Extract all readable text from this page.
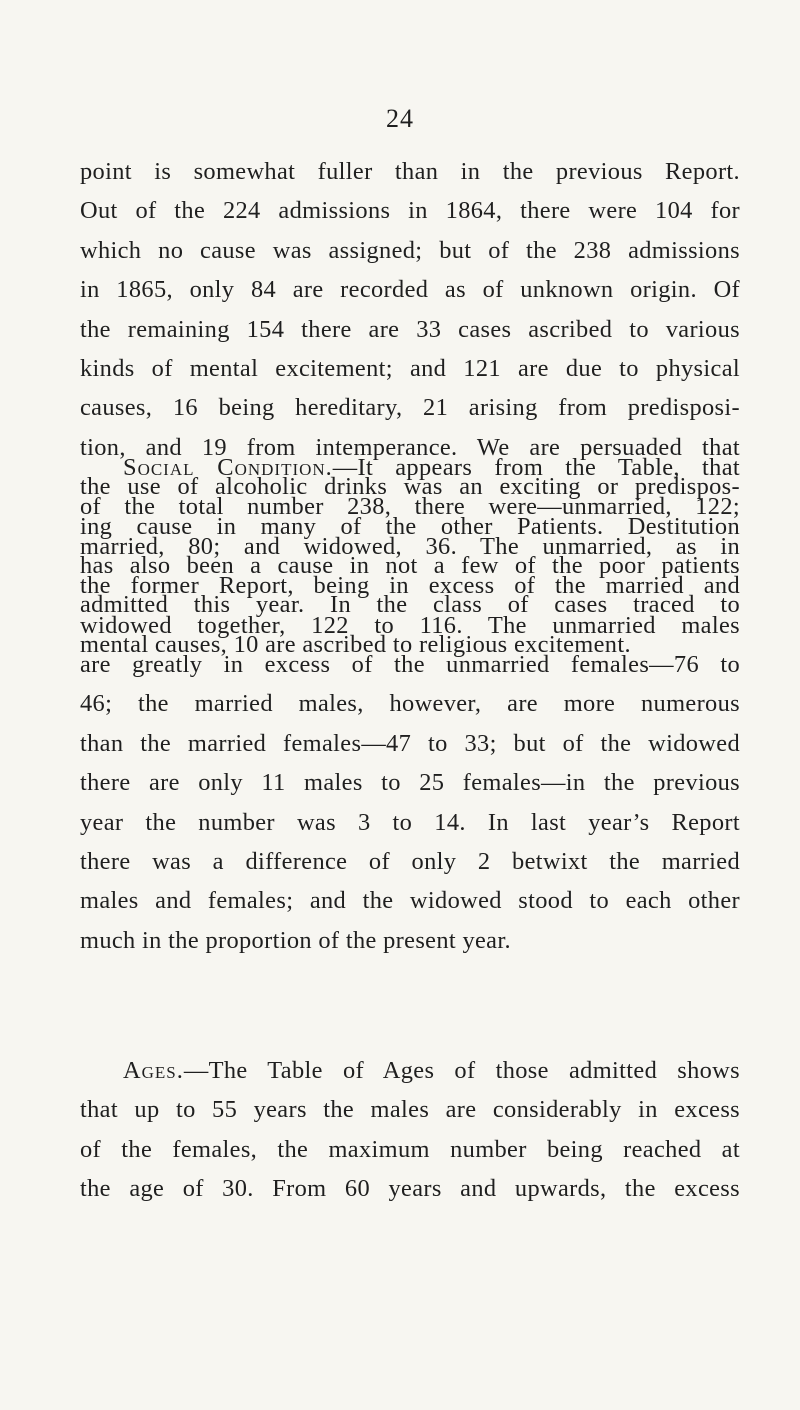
24
point is somewhat fuller than in the previous Report.
Out of the 224 admissions in 1864, there were 104 for
which no cause was assigned; but of the 238 admissions
in 1865, only 84 are recorded as of unknown origin. Of
the remaining 154 there are 33 cases ascribed to various
kinds of mental excitement; and 121 are due to physical
causes, 16 being hereditary, 21 arising from predisposi-
tion, and 19 from intemperance. We are persuaded that
the use of alcoholic drinks was an exciting or predispos-
ing cause in many of the other Patients. Destitution
has also been a cause in not a few of the poor patients
admitted this year. In the class of cases traced to
mental causes, 10 are ascribed to religious excitement.
Social Condition.—It appears from the Table, that
of the total number 238, there were—unmarried, 122;
married, 80; and widowed, 36. The unmarried, as in
the former Report, being in excess of the married and
widowed together, 122 to 116. The unmarried males
are greatly in excess of the unmarried females—76 to
46; the married males, however, are more numerous
than the married females—47 to 33; but of the widowed
there are only 11 males to 25 females—in the previous
year the number was 3 to 14. In last year’s Report
there was a difference of only 2 betwixt the married
males and females; and the widowed stood to each other
much in the proportion of the present year.
Ages.—The Table of Ages of those admitted shows
that up to 55 years the males are considerably in excess
of the females, the maximum number being reached at
the age of 30. From 60 years and upwards, the excess
